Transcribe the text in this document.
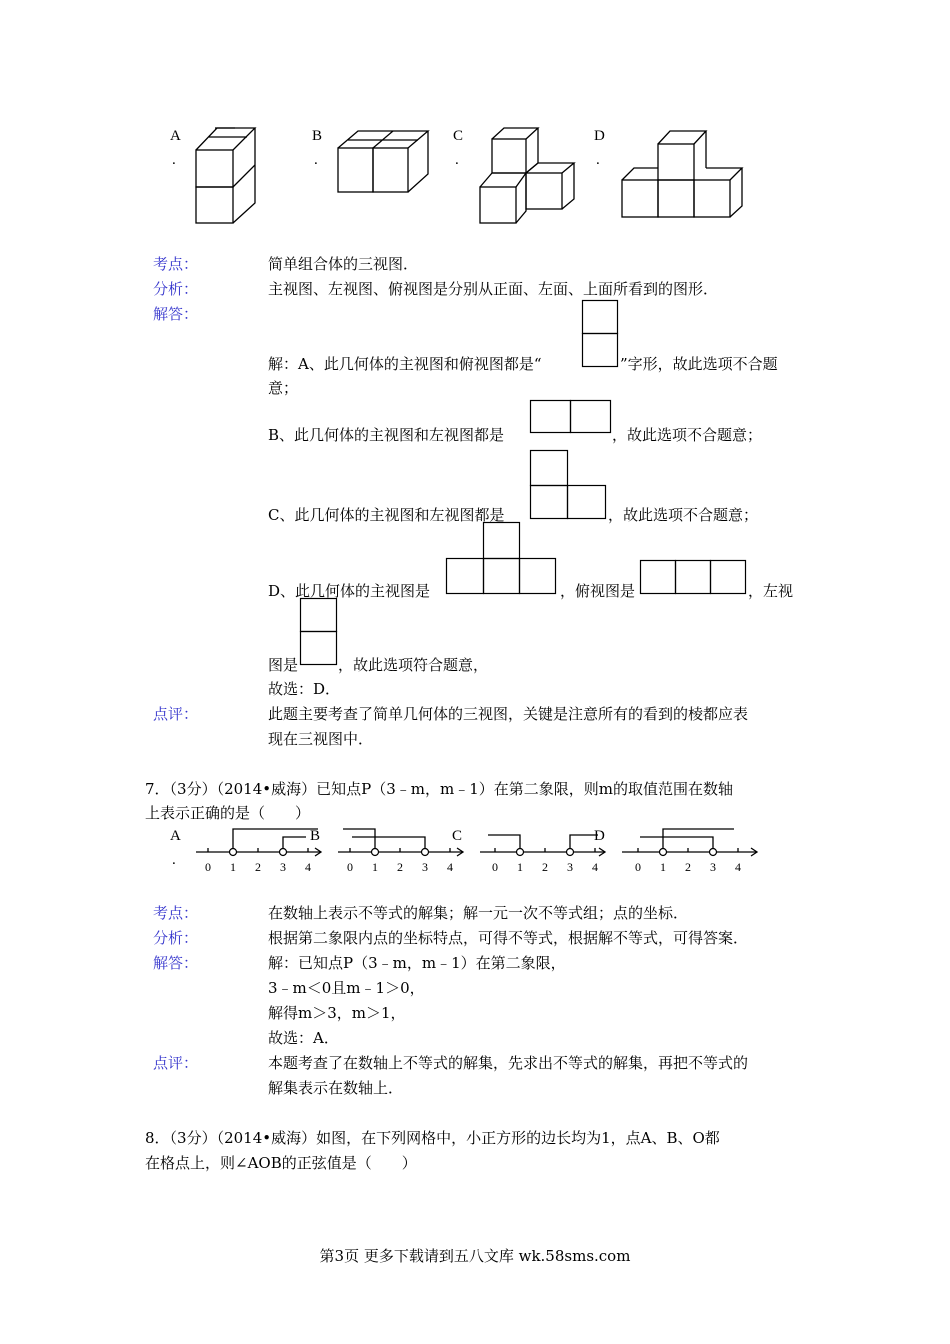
A
.
B
.
C
.
D
.
考点：	简单组合体的三视图．
分析：	主视图、左视图、俯视图是分别从正面、左面、上面所看到的图形．
解答：
解：A、此几何体的主视图和俯视图都是“	”字形，故此选项不合题
意；
B、此几何体的主视图和左视图都是	，故此选项不合题意；
C、此几何体的主视图和左视图都是	，故此选项不合题意；
D、此几何体的主视图是	，俯视图是	，左视
图是	，故此选项符合题意，
故选：D．
点评：	此题主要考查了简单几何体的三视图，关键是注意所有的看到的棱都应表
现在三视图中．
7．（3分）（2014•威海）已知点P（3﹣m，m﹣1）在第二象限，则m的取值范围在数轴
上表示正确的是（　　）
A
.
B	C	D
0 1 2 3 4	0 1 2 3 4	0 1 2 3 4	0 1 2 3 4
考点：	在数轴上表示不等式的解集；解一元一次不等式组；点的坐标．
分析：	根据第二象限内点的坐标特点，可得不等式，根据解不等式，可得答案．
解答：	解：已知点P（3﹣m，m﹣1）在第二象限，
3﹣m＜0且m﹣1＞0，
解得m＞3，m＞1，
故选：A．
点评：	本题考查了在数轴上不等式的解集，先求出不等式的解集，再把不等式的
解集表示在数轴上．
8．（3分）（2014•威海）如图，在下列网格中，小正方形的边长均为1，点A、B、O都
在格点上，则∠AOB的正弦值是（　　）
第3页 更多下载请到五八文库 wk.58sms.com
